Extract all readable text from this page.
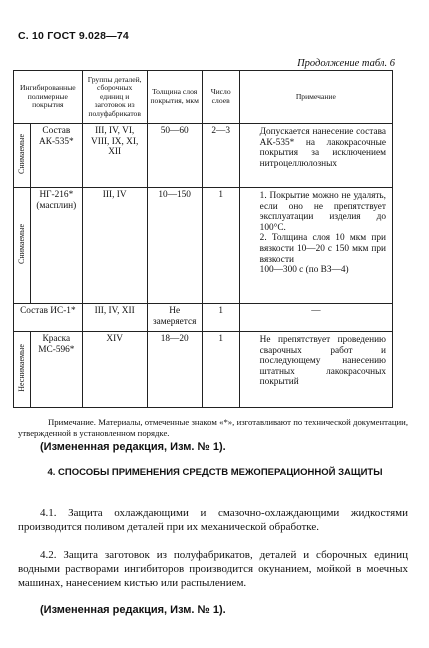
С. 10 ГОСТ 9.028—74
Продолжение табл. 6
Ингибированные полимерные покрытия		Группы деталей, сборочных единиц и заготовок из полуфабрикатов	Толщина слоя покрытия, мкм	Число слоев	Примечание
Снимаемые	Состав АК-535*	III, IV, VI, VIII, IX, XI, XII	50—60	2—3	Допускается нанесение состава АК-535* на лакокрасочные покрытия за исключением нитроцеллюлозных
Снимаемые	НГ-216* (масплин)	III, IV	10—150	1	1. Покрытие можно не удалять, если оно не препятствует эксплуатации изделия до 100°С.
2. Толщина слоя 10 мкм при вязкости 10—20 с 150 мкм при вязкости
100—300 с (по ВЗ—4)

Состав ИС-1*		III, IV, XII	Не замеряется	1	—
Неснимаемые	Краска МС-596*	XIV	18—20	1	Не препятствует проведению сварочных работ и последующему нанесению штатных лакокрасочных покрытий
Примечание. Материалы, отмеченные знаком «*», изготавливают по технической документации, утвержденной в установленном порядке.
(Измененная редакция, Изм. № 1).
4. СПОСОБЫ ПРИМЕНЕНИЯ СРЕДСТВ МЕЖОПЕРАЦИОННОЙ ЗАЩИТЫ
4.1. Защита охлаждающими и смазочно-охлаждающими жидкостями производится поливом деталей при их механической обработке.
4.2. Защита заготовок из полуфабрикатов, деталей и сборочных единиц водными растворами ингибиторов производится окунанием, мойкой в моечных машинах, нанесением кистью или распылением.
(Измененная редакция, Изм. № 1).
